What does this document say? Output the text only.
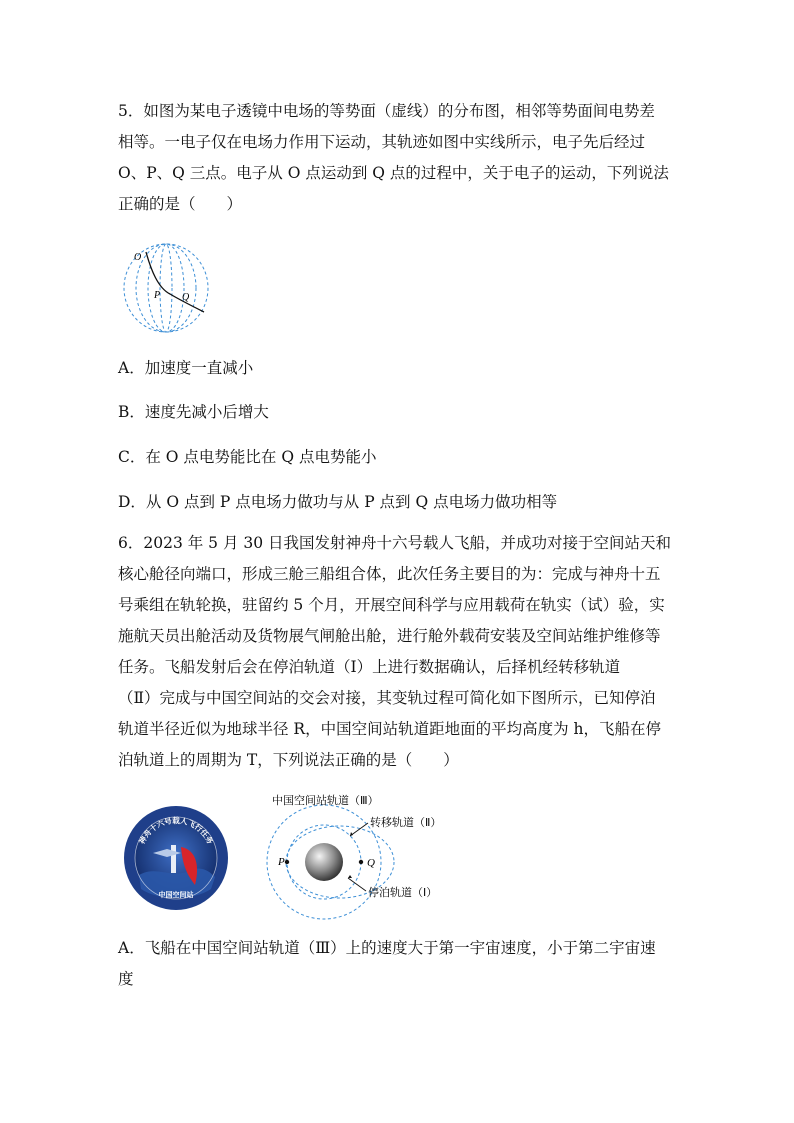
5．如图为某电子透镜中电场的等势面（虚线）的分布图，相邻等势面间电势差
相等。一电子仅在电场力作用下运动，其轨迹如图中实线所示，电子先后经过
O、P、Q 三点。电子从 O 点运动到 Q 点的过程中，关于电子的运动，下列说法
正确的是（　　）
O
P Q
A．加速度一直减小
B．速度先减小后增大
C．在 O 点电势能比在 Q 点电势能小
D．从 O 点到 P 点电场力做功与从 P 点到 Q 点电场力做功相等
6．2023 年 5 月 30 日我国发射神舟十六号载人飞船，并成功对接于空间站天和
核心舱径向端口，形成三舱三船组合体，此次任务主要目的为：完成与神舟十五
号乘组在轨轮换，驻留约 5 个月，开展空间科学与应用载荷在轨实（试）验，实
施航天员出舱活动及货物展气闸舱出舱，进行舱外载荷安装及空间站维护维修等
任务。飞船发射后会在停泊轨道（Ⅰ）上进行数据确认，后择机经转移轨道
（Ⅱ）完成与中国空间站的交会对接，其变轨过程可简化如下图所示，已知停泊
轨道半径近似为地球半径 R，中国空间站轨道距地面的平均高度为 h，飞船在停
泊轨道上的周期为 T，下列说法正确的是（　　）
神舟十六号载人飞行任务
中国空间站
P	Q
中国空间站轨道（Ⅲ）
转移轨道（Ⅱ）
停泊轨道（Ⅰ）
A．飞船在中国空间站轨道（Ⅲ）上的速度大于第一宇宙速度，小于第二宇宙速
度
